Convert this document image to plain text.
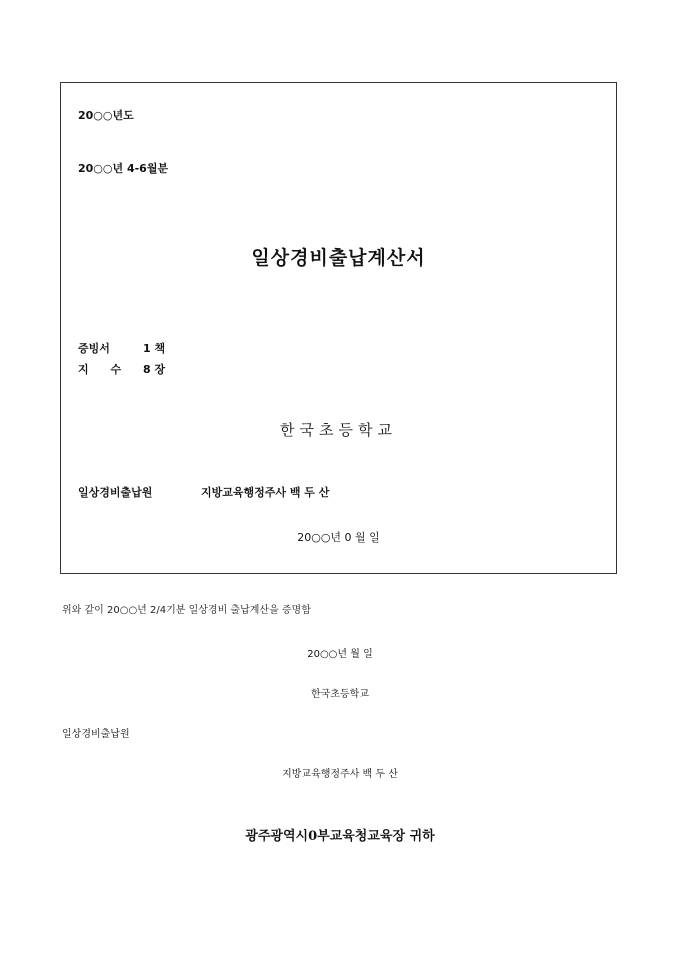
20○○년도
20○○년 4-6월분
일상경비출납계산서
증빙서	1 책
지 수 8 장
한국초등학교
일상경비출납원	지방교육행정주사 백 두 산
20○○년 0 월 일
위와 같이 20○○년 2/4기분 일상경비 출납계산을 증명함
20○○년 월 일
한국초등학교
일상경비출납원
지방교육행정주사 백 두 산
광주광역시0부교육청교육장 귀하
